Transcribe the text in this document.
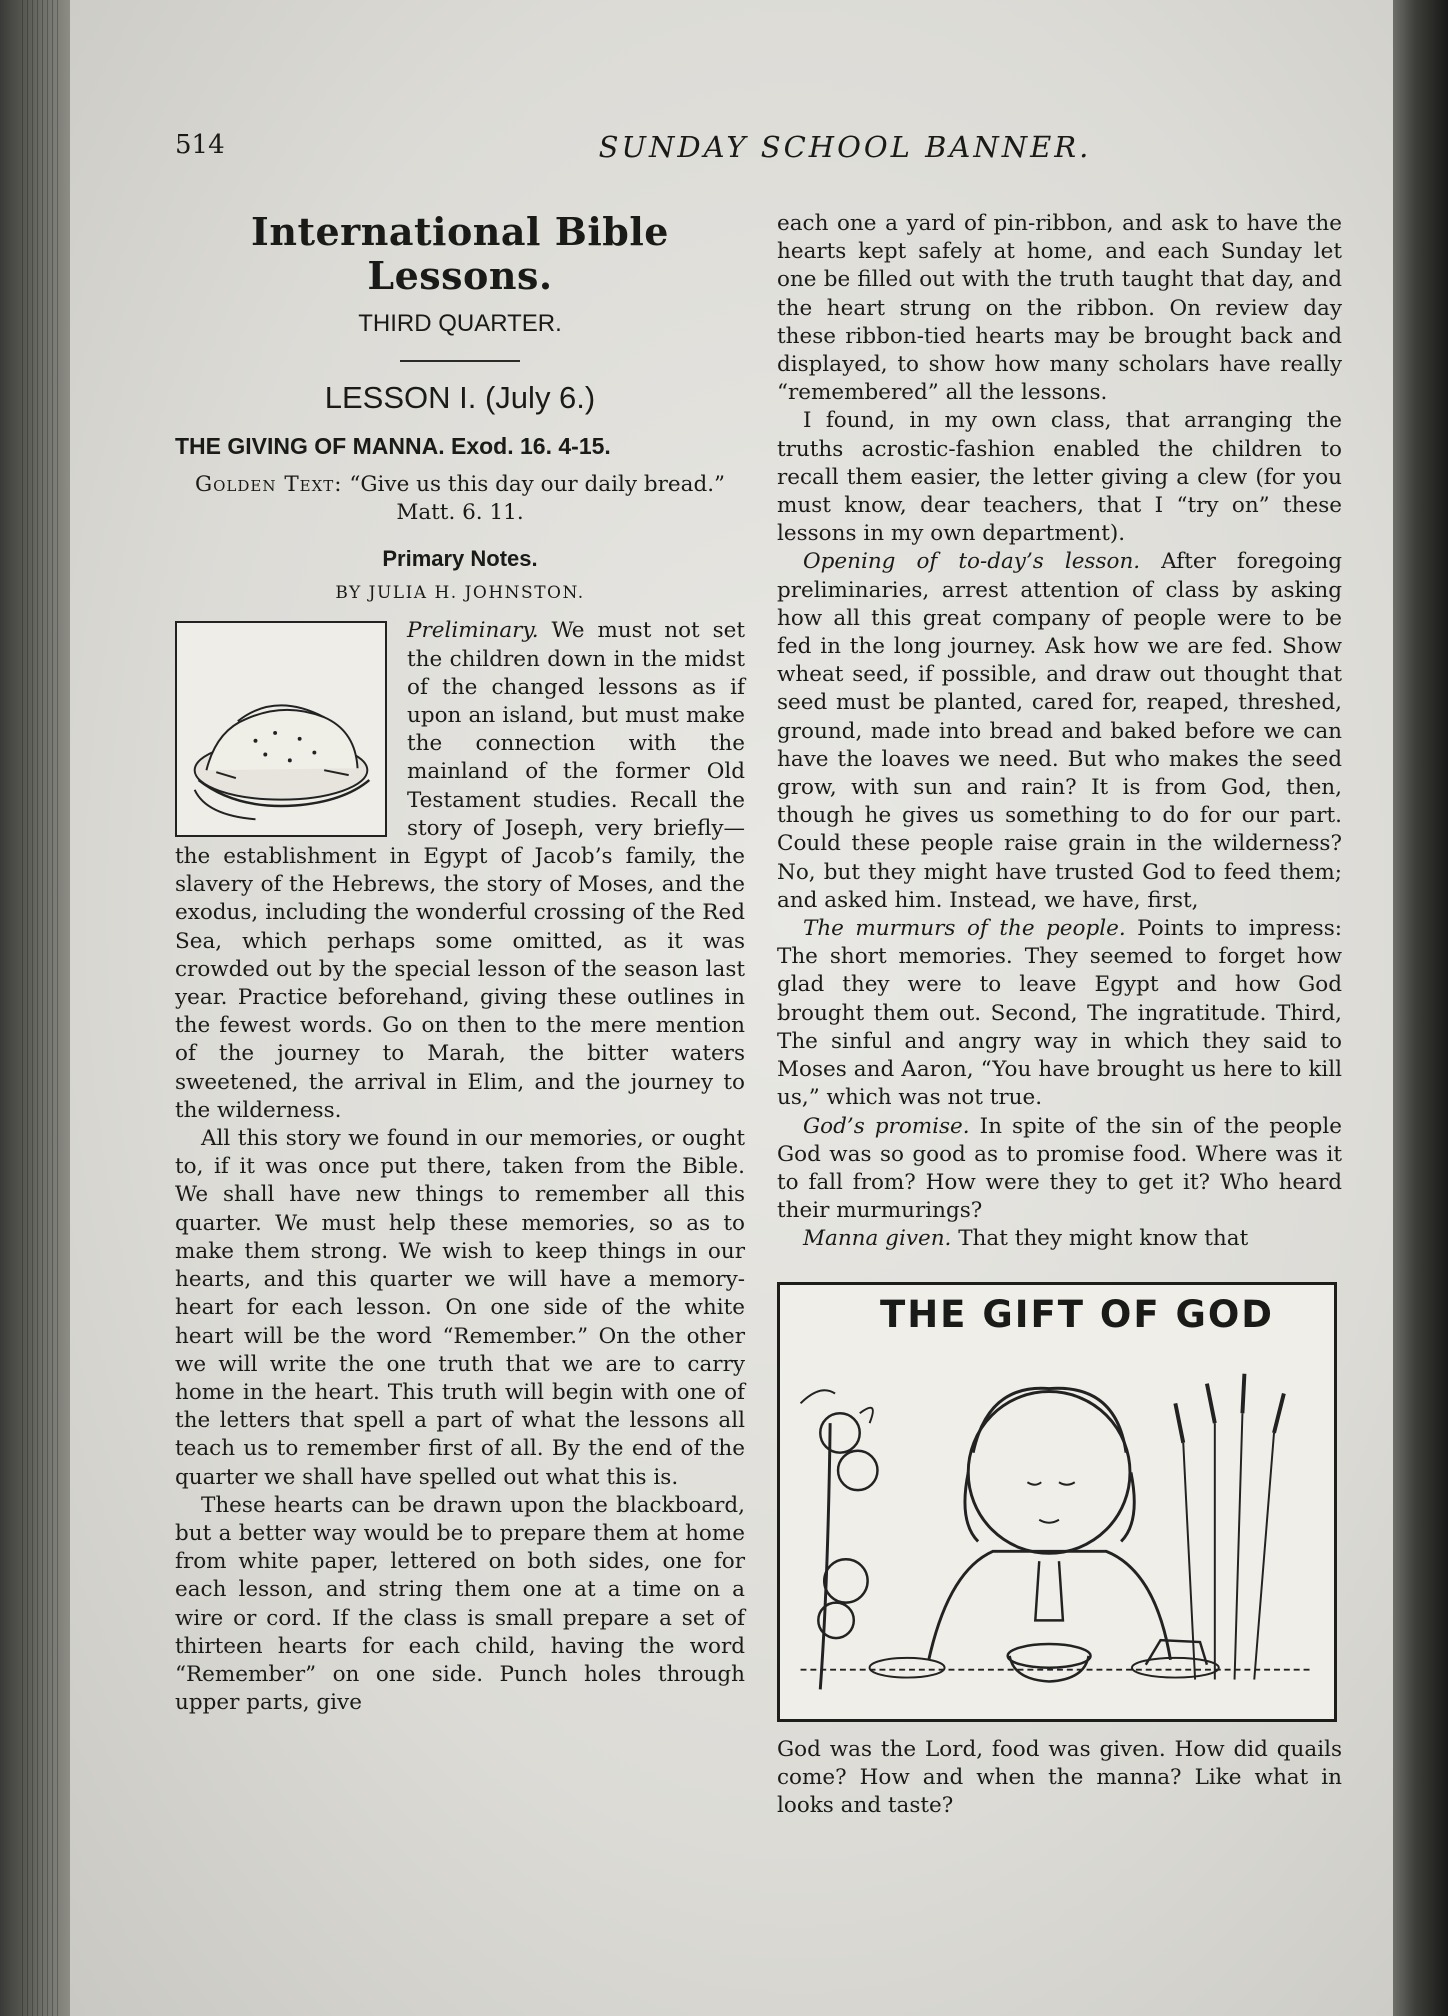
514	SUNDAY SCHOOL BANNER.
International Bible Lessons.
THIRD QUARTER.
LESSON I. (July 6.)
THE GIVING OF MANNA. Exod. 16. 4-15.
Golden Text: “Give us this day our daily bread.” Matt. 6. 11.
Primary Notes.
BY JULIA H. JOHNSTON.

Preliminary. We must not set the children down in the midst of the changed lessons as if upon an island, but must make the connection with the mainland of the former Old Testament studies. Recall the story of Joseph, very briefly—the establishment in Egypt of Jacob’s family, the slavery of the Hebrews, the story of Moses, and the exodus, including the wonderful crossing of the Red Sea, which perhaps some omitted, as it was crowded out by the special lesson of the season last year. Practice beforehand, giving these outlines in the fewest words. Go on then to the mere mention of the journey to Marah, the bitter waters sweetened, the arrival in Elim, and the journey to the wilderness.

All this story we found in our memories, or ought to, if it was once put there, taken from the Bible. We shall have new things to remember all this quarter. We must help these memories, so as to make them strong. We wish to keep things in our hearts, and this quarter we will have a memory-heart for each lesson. On one side of the white heart will be the word “Remember.” On the other we will write the one truth that we are to carry home in the heart. This truth will begin with one of the letters that spell a part of what the lessons all teach us to remember first of all. By the end of the quarter we shall have spelled out what this is.

These hearts can be drawn upon the blackboard, but a better way would be to prepare them at home from white paper, lettered on both sides, one for each lesson, and string them one at a time on a wire or cord. If the class is small prepare a set of thirteen hearts for each child, having the word “Remember” on one side. Punch holes through upper parts, give

each one a yard of pin-ribbon, and ask to have the hearts kept safely at home, and each Sunday let one be filled out with the truth taught that day, and the heart strung on the ribbon. On review day these ribbon-tied hearts may be brought back and displayed, to show how many scholars have really “remembered” all the lessons.

I found, in my own class, that arranging the truths acrostic-fashion enabled the children to recall them easier, the letter giving a clew (for you must know, dear teachers, that I “try on” these lessons in my own department).

Opening of to-day’s lesson. After foregoing preliminaries, arrest attention of class by asking how all this great company of people were to be fed in the long journey. Ask how we are fed. Show wheat seed, if possible, and draw out thought that seed must be planted, cared for, reaped, threshed, ground, made into bread and baked before we can have the loaves we need. But who makes the seed grow, with sun and rain? It is from God, then, though he gives us something to do for our part. Could these people raise grain in the wilderness? No, but they might have trusted God to feed them; and asked him. Instead, we have, first,

The murmurs of the people. Points to impress: The short memories. They seemed to forget how glad they were to leave Egypt and how God brought them out. Second, The ingratitude. Third, The sinful and angry way in which they said to Moses and Aaron, “You have brought us here to kill us,” which was not true.

God’s promise. In spite of the sin of the people God was so good as to promise food. Where was it to fall from? How were they to get it? Who heard their murmurings?

Manna given. That they might know that

THE GIFT OF GOD

God was the Lord, food was given. How did quails come? How and when the manna? Like what in looks and taste?
